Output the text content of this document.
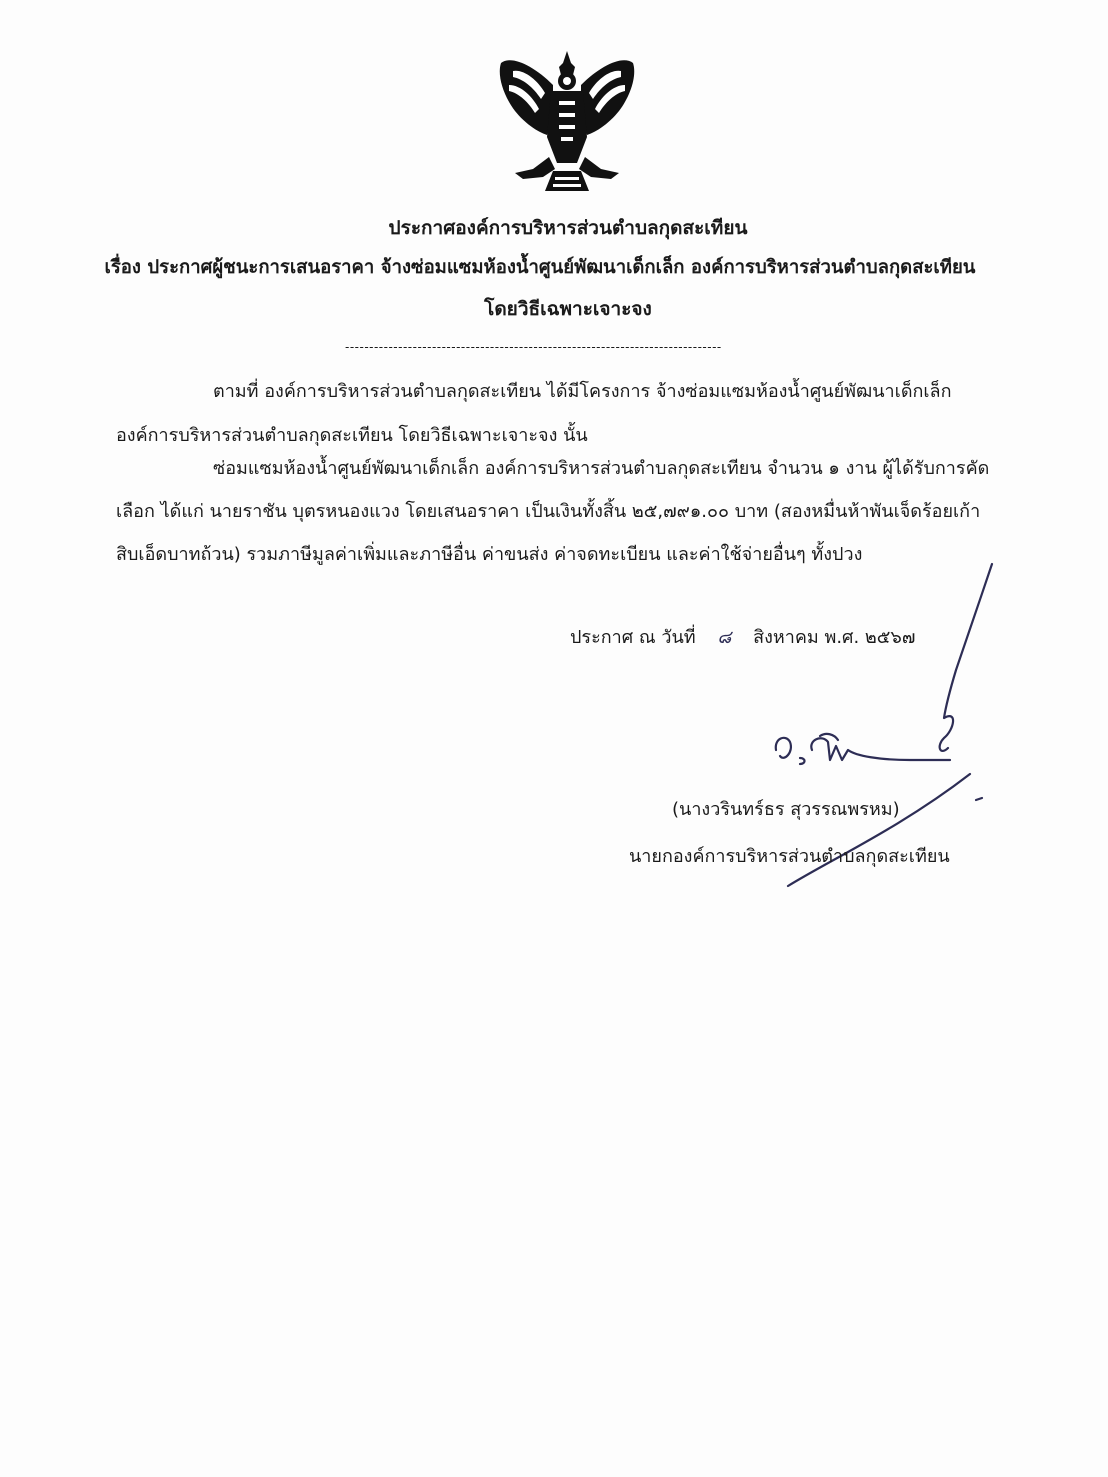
ประกาศองค์การบริหารส่วนตำบลกุดสะเทียน
เรื่อง ประกาศผู้ชนะการเสนอราคา จ้างซ่อมแซมห้องน้ำศูนย์พัฒนาเด็กเล็ก องค์การบริหารส่วนตำบลกุดสะเทียน
โดยวิธีเฉพาะเจาะจง
------------------------------------------------------------------------------
ตามที่ องค์การบริหารส่วนตำบลกุดสะเทียน ได้มีโครงการ จ้างซ่อมแซมห้องน้ำศูนย์พัฒนาเด็กเล็ก
องค์การบริหารส่วนตำบลกุดสะเทียน โดยวิธีเฉพาะเจาะจง นั้น
ซ่อมแซมห้องน้ำศูนย์พัฒนาเด็กเล็ก องค์การบริหารส่วนตำบลกุดสะเทียน จำนวน ๑ งาน ผู้ได้รับการคัด
เลือก ได้แก่ นายราชัน บุตรหนองแวง โดยเสนอราคา เป็นเงินทั้งสิ้น ๒๕,๗๙๑.๐๐ บาท (สองหมื่นห้าพันเจ็ดร้อยเก้า
สิบเอ็ดบาทถ้วน) รวมภาษีมูลค่าเพิ่มและภาษีอื่น ค่าขนส่ง ค่าจดทะเบียน และค่าใช้จ่ายอื่นๆ ทั้งปวง
ประกาศ ณ วันที่ ๘ สิงหาคม พ.ศ. ๒๕๖๗
(นางวรินทร์ธร สุวรรณพรหม)
นายกองค์การบริหารส่วนตำบลกุดสะเทียน
